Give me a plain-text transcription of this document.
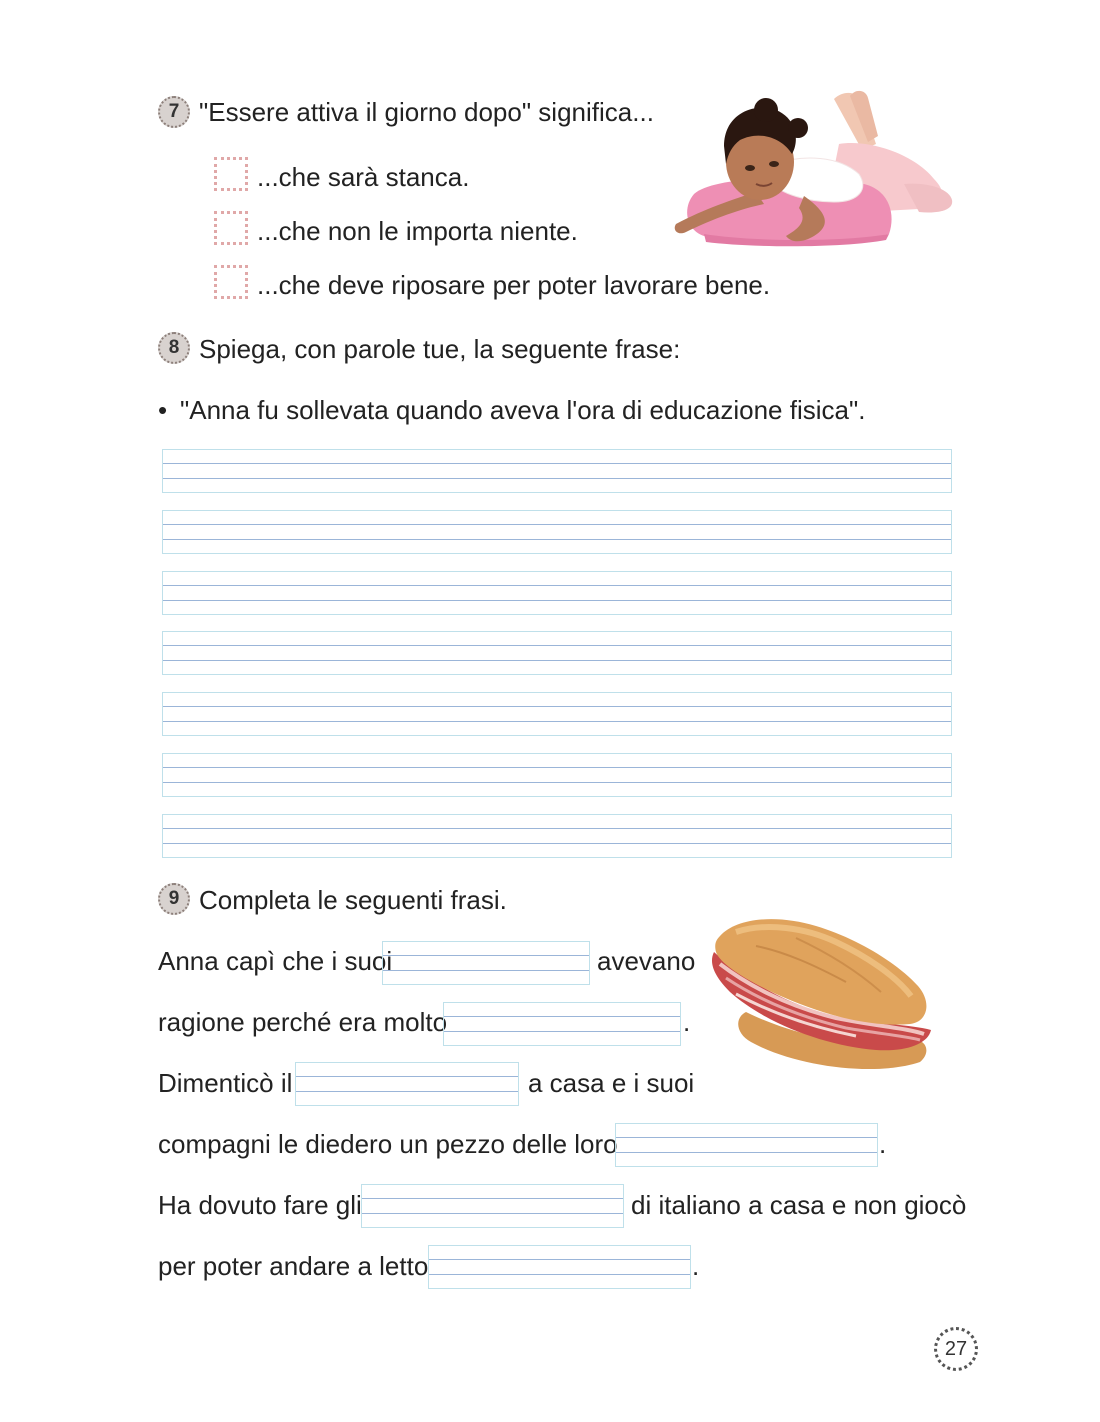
7 "Essere attiva il giorno dopo" significa...
...che sarà stanca.
...che non le importa niente.
...che deve riposare per poter lavorare bene.
8 Spiega, con parole tue, la seguente frase:
• "Anna fu sollevata quando aveva l'ora di educazione fisica".
9 Completa le seguenti frasi.
Anna capì che i suoi	avevano
ragione perché era molto	.
Dimenticò il	a casa e i suoi
compagni le diedero un pezzo delle loro	.
Ha dovuto fare gli	di italiano a casa e non giocò
per poter andare a letto	.
27
